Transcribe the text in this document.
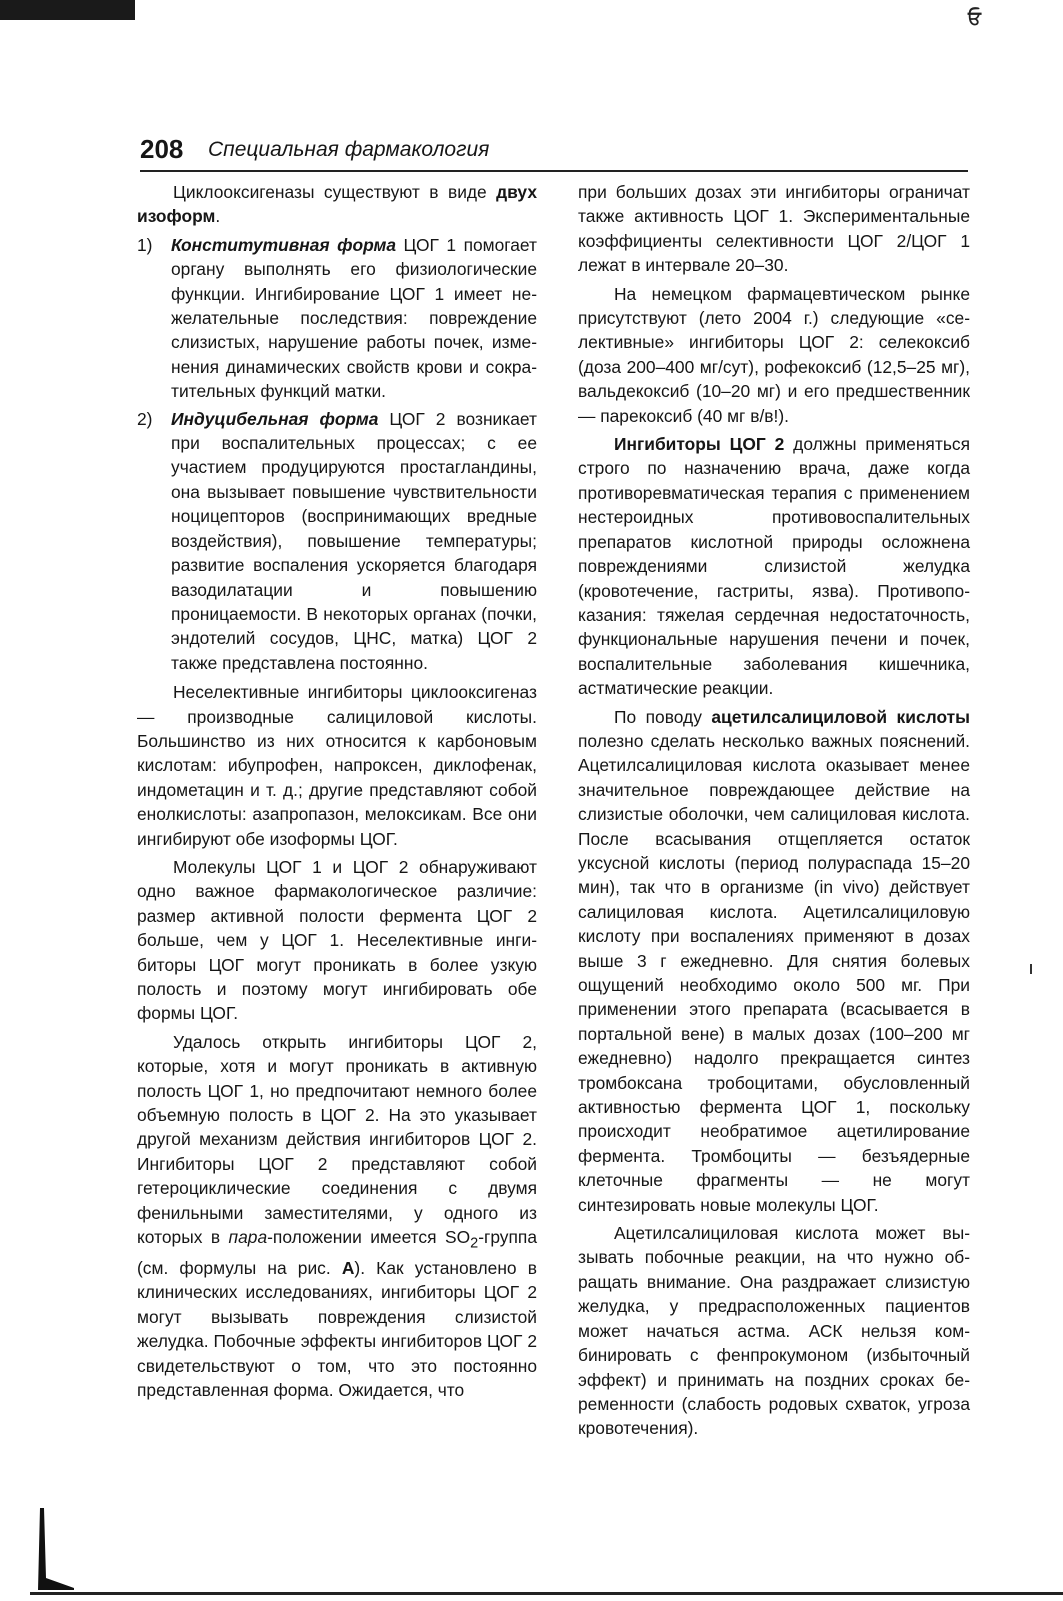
ਓ
208 Специальная фармакология

Циклооксигеназы существуют в виде двух изоформ.

1) Конститутивная форма ЦОГ 1 помогает органу выполнять его физиологические функции. Ингибирование ЦОГ 1 имеет нежелательные последствия: повреждение слизистых, нарушение работы почек, изменения динамических свойств крови и сократительных функций матки.
2) Индуцибельная форма ЦОГ 2 возникает при воспалительных процессах; с ее участием продуцируются простагландины, она вызывает повышение чувствительности ноцицепторов (воспринимающих вредные воздействия), повышение температуры; развитие воспаления ускоряется благодаря вазодилатации и повышению проницаемости. В некоторых органах (почки, эндотелий сосудов, ЦНС, матка) ЦОГ 2 также представлена постоянно.

Неселективные ингибиторы циклооксигеназ — производные салициловой кислоты. Большинство из них относится к карбоновым кислотам: ибупрофен, напроксен, диклофенак, индометацин и т. д.; другие представляют собой енолкислоты: азапропазон, мелоксикам. Все они ингибируют обе изоформы ЦОГ.

Молекулы ЦОГ 1 и ЦОГ 2 обнаруживают одно важное фармакологическое различие: размер активной полости фермента ЦОГ 2 больше, чем у ЦОГ 1. Неселективные ингибиторы ЦОГ могут проникать в более узкую полость и поэтому могут ингибировать обе формы ЦОГ.

Удалось открыть ингибиторы ЦОГ 2, которые, хотя и могут проникать в активную полость ЦОГ 1, но предпочитают немного более объемную полость в ЦОГ 2. На это указывает другой механизм действия ингибиторов ЦОГ 2. Ингибиторы ЦОГ 2 представляют собой гетероциклические соединения с двумя фенильными заместителями, у одного из которых в пара-положении имеется $SO_2$-группа (см. формулы на рис. А). Как установлено в клинических исследованиях, ингибиторы ЦОГ 2 могут вызывать повреждения слизистой желудка. Побочные эффекты ингибиторов ЦОГ 2 свидетельствуют о том, что это постоянно представленная форма. Ожидается, что

при больших дозах эти ингибиторы ограничат также активность ЦОГ 1. Экспериментальные коэффициенты селективности ЦОГ 2/ЦОГ 1 лежат в интервале 20–30.

На немецком фармацевтическом рынке присутствуют (лето 2004 г.) следующие «селективные» ингибиторы ЦОГ 2: селекоксиб (доза 200–400 мг/сут), рофекоксиб (12,5–25 мг), вальдекоксиб (10–20 мг) и его предшественник — парекоксиб (40 мг в/в!).

Ингибиторы ЦОГ 2 должны применяться строго по назначению врача, даже когда противоревматическая терапия с применением нестероидных противовоспалительных препаратов кислотной природы осложнена повреждениями слизистой желудка (кровотечение, гастриты, язва). Противопоказания: тяжелая сердечная недостаточность, функциональные нарушения печени и почек, воспалительные заболевания кишечника, астматические реакции.

По поводу ацетилсалициловой кислоты полезно сделать несколько важных пояснений. Ацетилсалициловая кислота оказывает менее значительное повреждающее действие на слизистые оболочки, чем салициловая кислота. После всасывания отщепляется остаток уксусной кислоты (период полураспада 15–20 мин), так что в организме (in vivo) действует салициловая кислота. Ацетилсалициловую кислоту при воспалениях применяют в дозах выше 3 г ежедневно. Для снятия болевых ощущений необходимо около 500 мг. При применении этого препарата (всасывается в портальной вене) в малых дозах (100–200 мг ежедневно) надолго прекращается синтез тромбоксана тробоцитами, обусловленный активностью фермента ЦОГ 1, поскольку происходит необратимое ацетилирование фермента. Тромбоциты — безъядерные клеточные фрагменты — не могут синтезировать новые молекулы ЦОГ.

Ацетилсалициловая кислота может вызывать побочные реакции, на что нужно обращать внимание. Она раздражает слизистую желудка, у предрасположенных пациентов может начаться астма. АСК нельзя комбинировать с фенпрокумоном (избыточный эффект) и принимать на поздних сроках беременности (слабость родовых схваток, угроза кровотечения).
